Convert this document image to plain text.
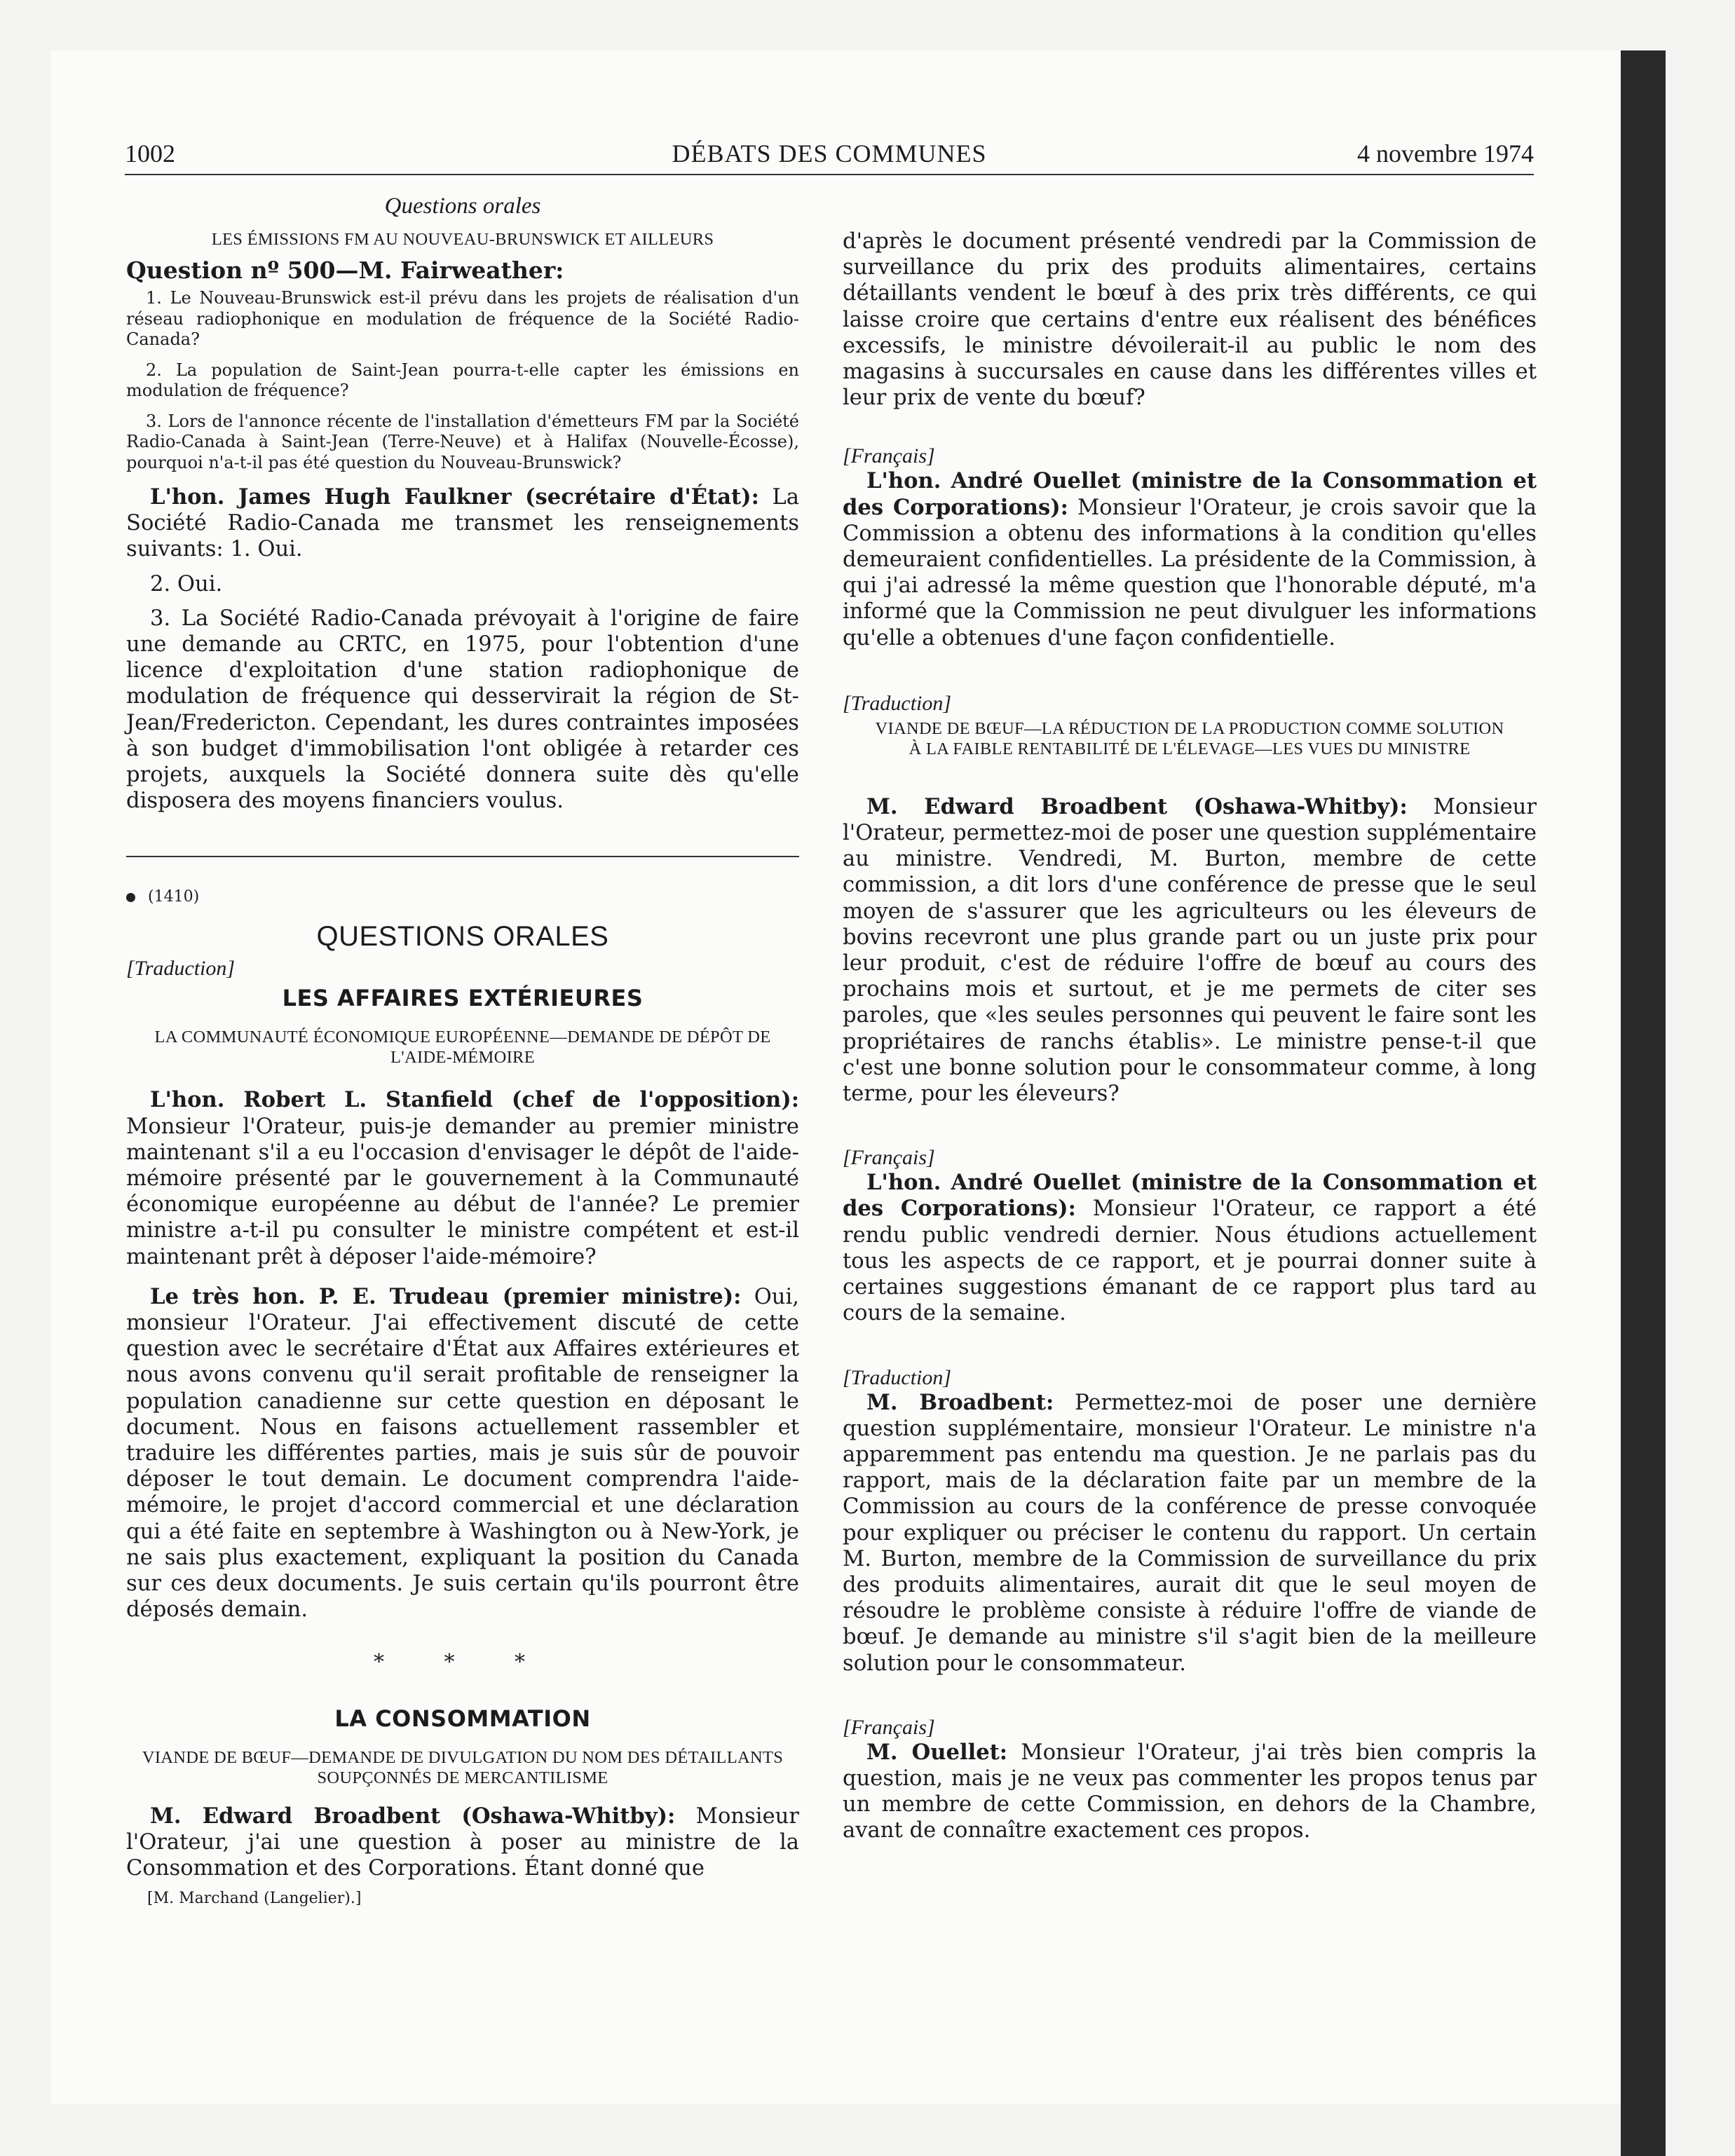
1002	DÉBATS DES COMMUNES	4 novembre 1974

Questions orales

LES ÉMISSIONS FM AU NOUVEAU-BRUNSWICK ET AILLEURS

Question nº 500—M. Fairweather:

1. Le Nouveau-Brunswick est-il prévu dans les projets de réalisation d'un réseau radiophonique en modulation de fréquence de la Société Radio-Canada?

2. La population de Saint-Jean pourra-t-elle capter les émissions en modulation de fréquence?

3. Lors de l'annonce récente de l'installation d'émetteurs FM par la Société Radio-Canada à Saint-Jean (Terre-Neuve) et à Halifax (Nouvelle-Écosse), pourquoi n'a-t-il pas été question du Nouveau-Brunswick?

L'hon. James Hugh Faulkner (secrétaire d'État): La Société Radio-Canada me transmet les renseignements suivants: 1. Oui.

2. Oui.

3. La Société Radio-Canada prévoyait à l'origine de faire une demande au CRTC, en 1975, pour l'obtention d'une licence d'exploitation d'une station radiophonique de modulation de fréquence qui desservirait la région de St-Jean/Fredericton. Cependant, les dures contraintes imposées à son budget d'immobilisation l'ont obligée à retarder ces projets, auxquels la Société donnera suite dès qu'elle disposera des moyens financiers voulus.

(1410)

QUESTIONS ORALES

[Traduction]

LES AFFAIRES EXTÉRIEURES

LA COMMUNAUTÉ ÉCONOMIQUE EUROPÉENNE—DEMANDE DE DÉPÔT DE L'AIDE-MÉMOIRE

L'hon. Robert L. Stanfield (chef de l'opposition): Monsieur l'Orateur, puis-je demander au premier ministre maintenant s'il a eu l'occasion d'envisager le dépôt de l'aide-mémoire présenté par le gouvernement à la Communauté économique européenne au début de l'année? Le premier ministre a-t-il pu consulter le ministre compétent et est-il maintenant prêt à déposer l'aide-mémoire?

Le très hon. P. E. Trudeau (premier ministre): Oui, monsieur l'Orateur. J'ai effectivement discuté de cette question avec le secrétaire d'État aux Affaires extérieures et nous avons convenu qu'il serait profitable de renseigner la population canadienne sur cette question en déposant le document. Nous en faisons actuellement rassembler et traduire les différentes parties, mais je suis sûr de pouvoir déposer le tout demain. Le document comprendra l'aide-mémoire, le projet d'accord commercial et une déclaration qui a été faite en septembre à Washington ou à New-York, je ne sais plus exactement, expliquant la position du Canada sur ces deux documents. Je suis certain qu'ils pourront être déposés demain.

* * *

LA CONSOMMATION

VIANDE DE BŒUF—DEMANDE DE DIVULGATION DU NOM DES DÉTAILLANTS SOUPÇONNÉS DE MERCANTILISME

M. Edward Broadbent (Oshawa-Whitby): Monsieur l'Orateur, j'ai une question à poser au ministre de la Consommation et des Corporations. Étant donné que

[M. Marchand (Langelier).]

d'après le document présenté vendredi par la Commission de surveillance du prix des produits alimentaires, certains détaillants vendent le bœuf à des prix très différents, ce qui laisse croire que certains d'entre eux réalisent des bénéfices excessifs, le ministre dévoilerait-il au public le nom des magasins à succursales en cause dans les différentes villes et leur prix de vente du bœuf?

[Français]

L'hon. André Ouellet (ministre de la Consommation et des Corporations): Monsieur l'Orateur, je crois savoir que la Commission a obtenu des informations à la condition qu'elles demeuraient confidentielles. La présidente de la Commission, à qui j'ai adressé la même question que l'honorable député, m'a informé que la Commission ne peut divulguer les informations qu'elle a obtenues d'une façon confidentielle.

[Traduction]

VIANDE DE BŒUF—LA RÉDUCTION DE LA PRODUCTION COMME SOLUTION À LA FAIBLE RENTABILITÉ DE L'ÉLEVAGE—LES VUES DU MINISTRE

M. Edward Broadbent (Oshawa-Whitby): Monsieur l'Orateur, permettez-moi de poser une question supplémentaire au ministre. Vendredi, M. Burton, membre de cette commission, a dit lors d'une conférence de presse que le seul moyen de s'assurer que les agriculteurs ou les éleveurs de bovins recevront une plus grande part ou un juste prix pour leur produit, c'est de réduire l'offre de bœuf au cours des prochains mois et surtout, et je me permets de citer ses paroles, que «les seules personnes qui peuvent le faire sont les propriétaires de ranchs établis». Le ministre pense-t-il que c'est une bonne solution pour le consommateur comme, à long terme, pour les éleveurs?

[Français]

L'hon. André Ouellet (ministre de la Consommation et des Corporations): Monsieur l'Orateur, ce rapport a été rendu public vendredi dernier. Nous étudions actuellement tous les aspects de ce rapport, et je pourrai donner suite à certaines suggestions émanant de ce rapport plus tard au cours de la semaine.

[Traduction]

M. Broadbent: Permettez-moi de poser une dernière question supplémentaire, monsieur l'Orateur. Le ministre n'a apparemment pas entendu ma question. Je ne parlais pas du rapport, mais de la déclaration faite par un membre de la Commission au cours de la conférence de presse convoquée pour expliquer ou préciser le contenu du rapport. Un certain M. Burton, membre de la Commission de surveillance du prix des produits alimentaires, aurait dit que le seul moyen de résoudre le problème consiste à réduire l'offre de viande de bœuf. Je demande au ministre s'il s'agit bien de la meilleure solution pour le consommateur.

[Français]

M. Ouellet: Monsieur l'Orateur, j'ai très bien compris la question, mais je ne veux pas commenter les propos tenus par un membre de cette Commission, en dehors de la Chambre, avant de connaître exactement ces propos.
